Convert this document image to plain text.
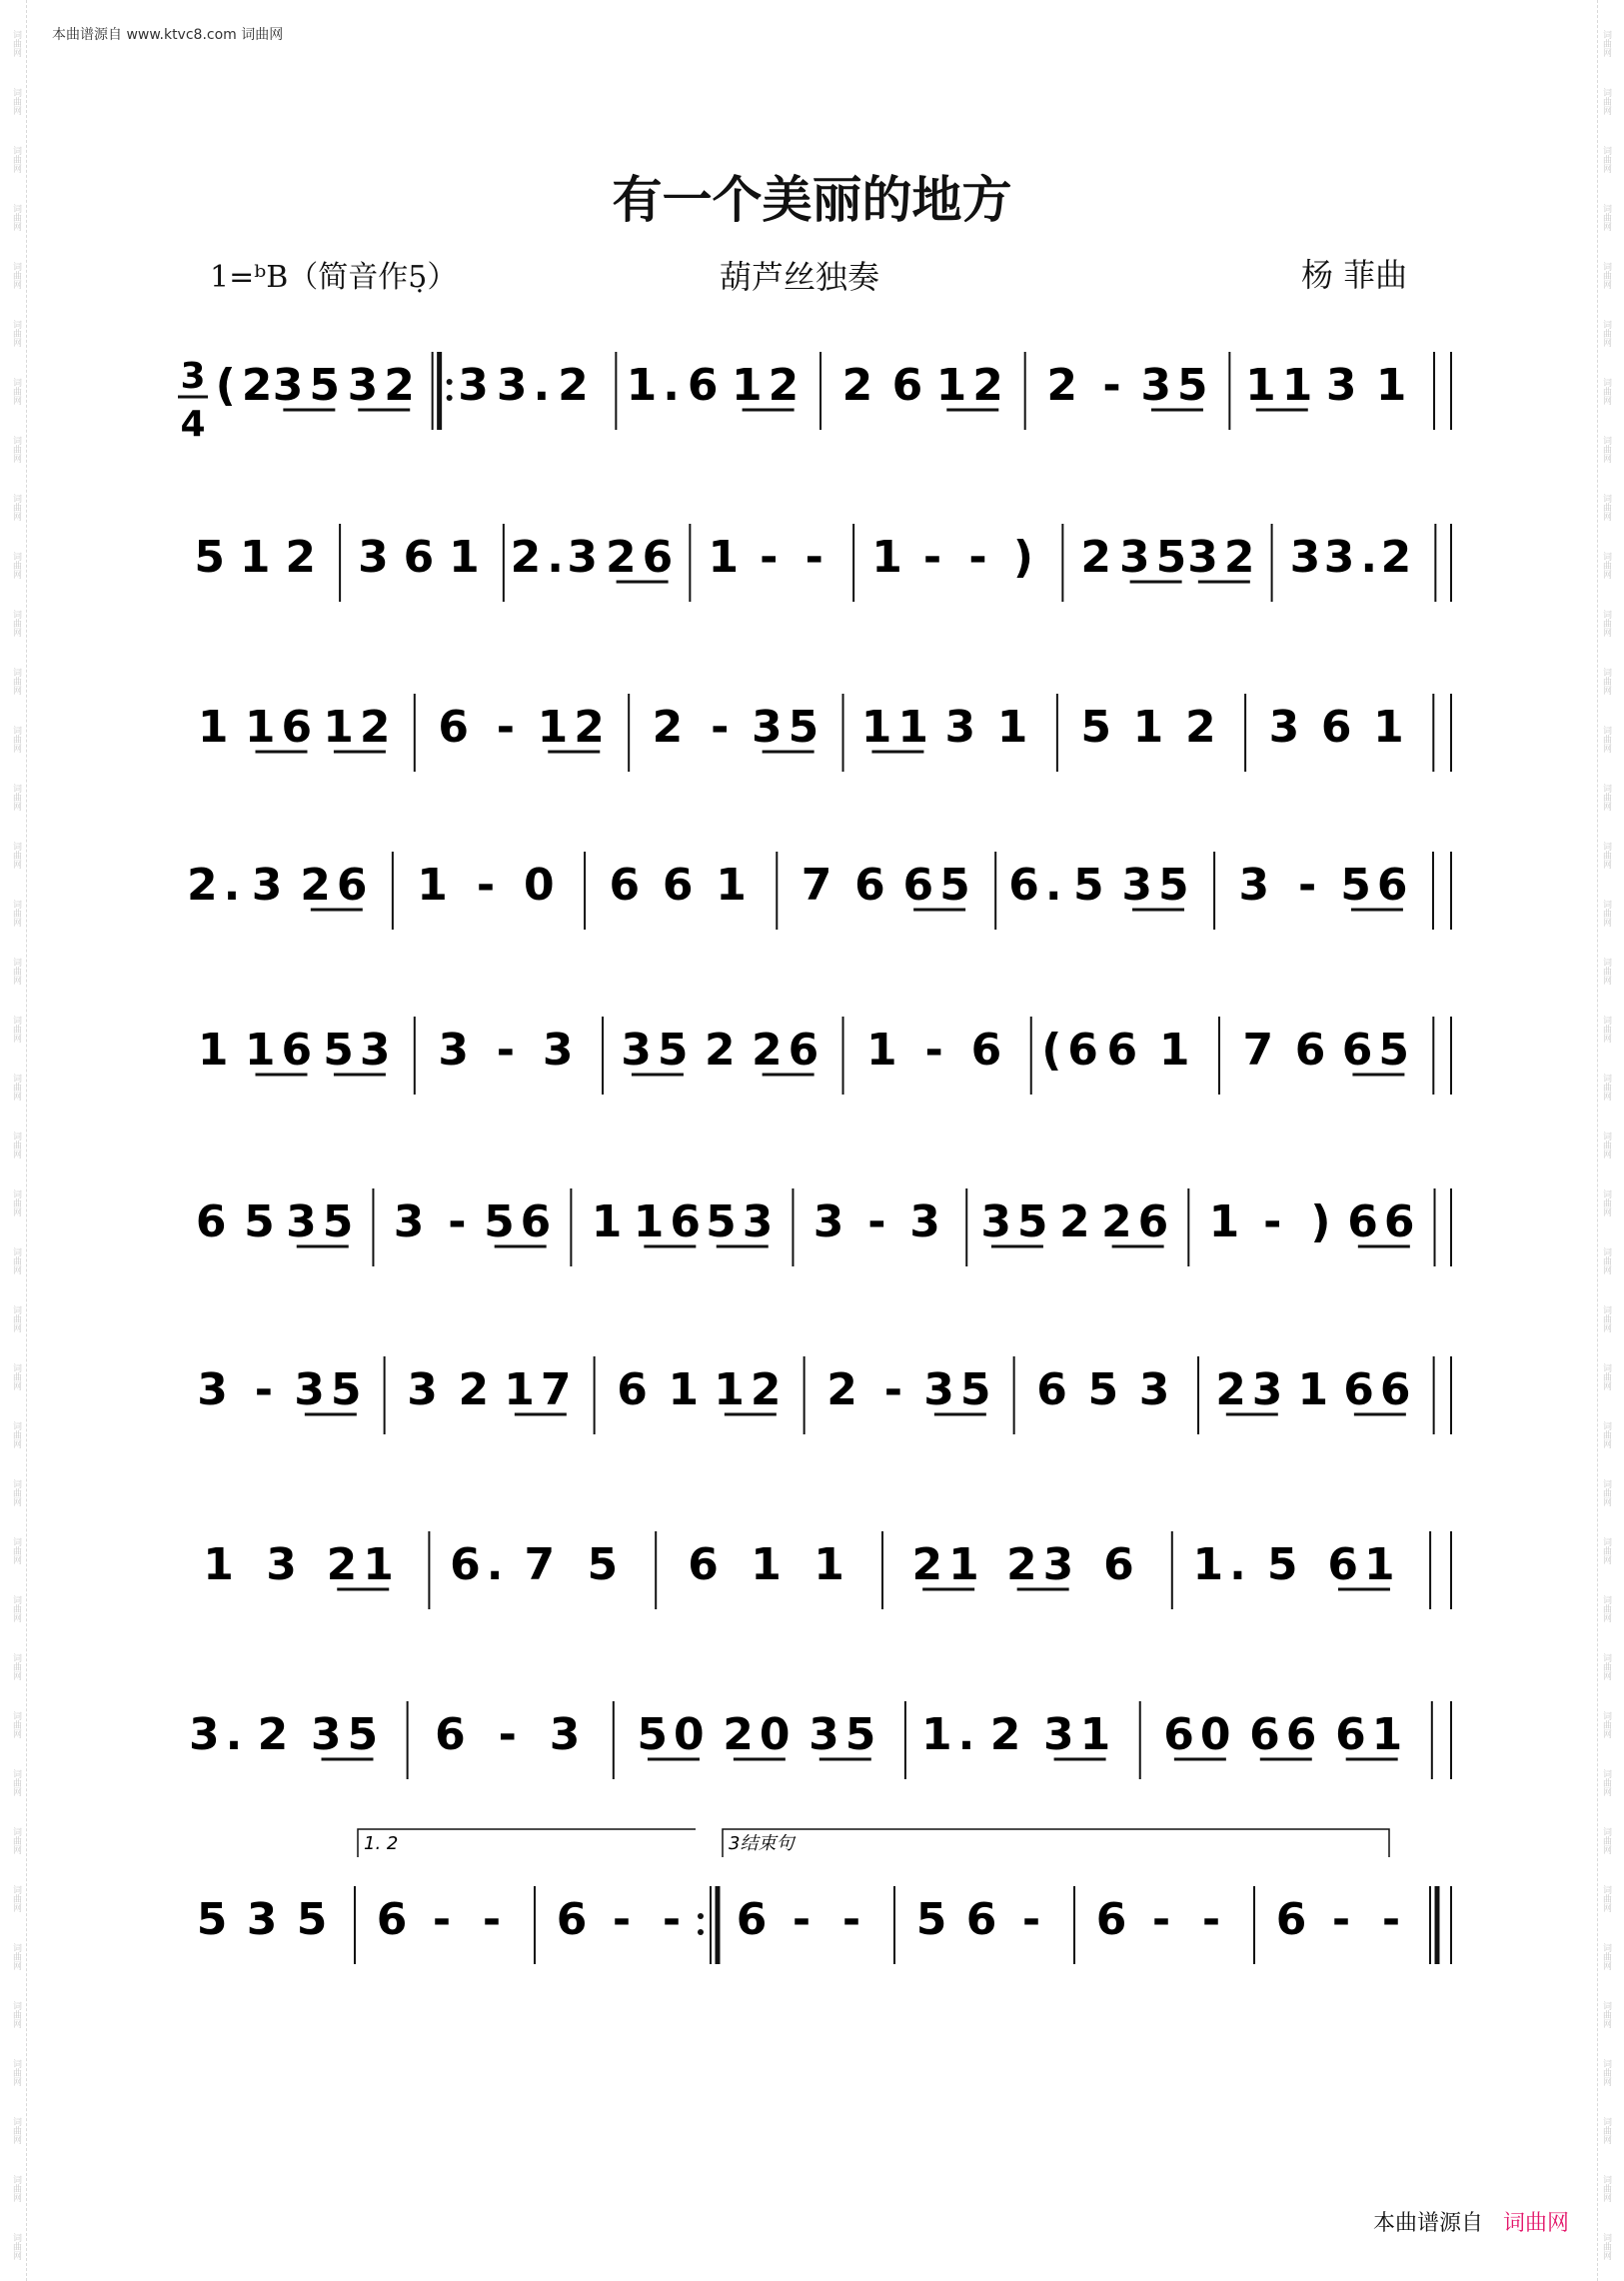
词曲网
词曲网
词曲网
词曲网
词曲网
词曲网
词曲网
词曲网
词曲网
词曲网
词曲网
词曲网
词曲网
词曲网
词曲网
词曲网
词曲网
词曲网
词曲网
词曲网
词曲网
词曲网
词曲网
词曲网
词曲网
词曲网
词曲网
词曲网
词曲网
词曲网
词曲网
词曲网
词曲网
词曲网
词曲网
词曲网
词曲网
词曲网
词曲网
词曲网
词曲网
词曲网
词曲网
词曲网
词曲网
词曲网
词曲网
词曲网
词曲网
词曲网
词曲网
词曲网
词曲网
词曲网
词曲网
词曲网
词曲网
词曲网
词曲网
词曲网
词曲网
词曲网
词曲网
词曲网
词曲网
词曲网
词曲网
词曲网
词曲网
词曲网
词曲网
词曲网
词曲网
词曲网
词曲网
词曲网
词曲网
词曲网
本曲谱源自 www.ktvc8.com 词曲网
有一个美丽的地方
1=ᵇB（简音作5̣）	葫芦丝独奏	杨 菲曲
3
4
(2
35 32 3 3. 2 1. 6 12 2 6 12 2 - 35 11 3 1
5 1 2 3 6 1 2.
3 26 1 - - 1 - - ) 2 35
32 3
3.
2
1 16 12 6 - 12 2 - 35 11 3 1 5 1 2 3 6 1
2. 3 26 1 - 0 6 6 1 7 6 65 6. 5 35 3 - 56
1 16 53 3 - 3 35 2 26 1 - 6 (6 6 1 7 6 65
6 5 35 3 - 56 1 16 53 3 - 3 35 2 26 1 - ) 66
3 - 35 3 2 17 6 1 12 2 - 35 6 5 3 23 1 66
1 3 21 6. 7 5 6 1 1 21 23 6 1. 5 61
3. 2 35 6 - 3 50 20 35 1. 2 31 60 66 61
5 3 5 6 - - 6 - - 6 - - 5 6 - 6 - - 6 - -
1. 2	3结束句
本曲谱源自 词曲网
